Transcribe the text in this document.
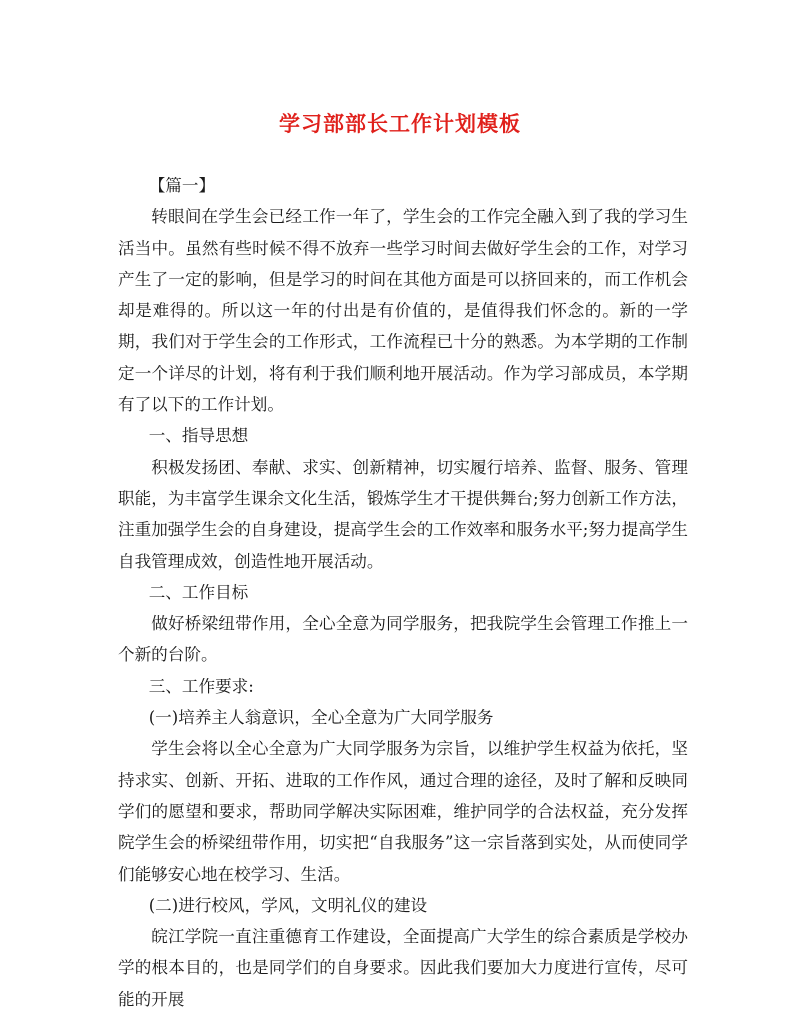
学习部部长工作计划模板

【篇一】

转眼间在学生会已经工作一年了，学生会的工作完全融入到了我的学习生活当中。虽然有些时候不得不放弃一些学习时间去做好学生会的工作，对学习产生了一定的影响，但是学习的时间在其他方面是可以挤回来的，而工作机会却是难得的。所以这一年的付出是有价值的，是值得我们怀念的。新的一学期，我们对于学生会的工作形式，工作流程已十分的熟悉。为本学期的工作制定一个详尽的计划，将有利于我们顺利地开展活动。作为学习部成员，本学期有了以下的工作计划。

一、指导思想

积极发扬团、奉献、求实、创新精神，切实履行培养、监督、服务、管理职能，为丰富学生课余文化生活，锻炼学生才干提供舞台;努力创新工作方法，注重加强学生会的自身建设，提高学生会的工作效率和服务水平;努力提高学生自我管理成效，创造性地开展活动。

二、工作目标

做好桥梁纽带作用，全心全意为同学服务，把我院学生会管理工作推上一个新的台阶。

三、工作要求:

(一)培养主人翁意识，全心全意为广大同学服务

学生会将以全心全意为广大同学服务为宗旨，以维护学生权益为依托，坚持求实、创新、开拓、进取的工作作风，通过合理的途径，及时了解和反映同学们的愿望和要求，帮助同学解决实际困难，维护同学的合法权益，充分发挥院学生会的桥梁纽带作用，切实把“自我服务”这一宗旨落到实处，从而使同学们能够安心地在校学习、生活。

(二)进行校风，学风，文明礼仪的建设

皖江学院一直注重德育工作建设，全面提高广大学生的综合素质是学校办学的根本目的，也是同学们的自身要求。因此我们要加大力度进行宣传，尽可能的开展
